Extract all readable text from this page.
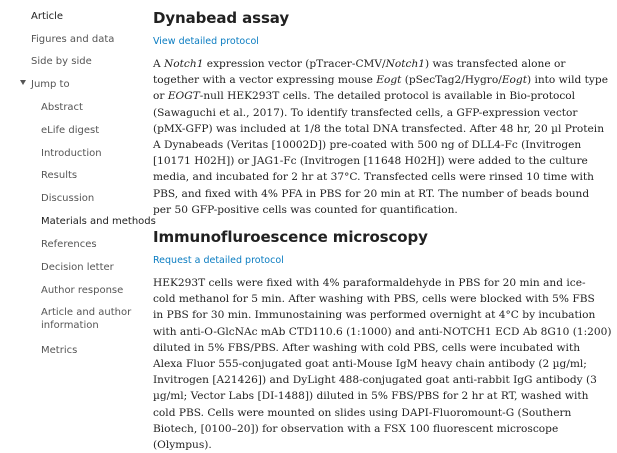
Article
Figures and data
Side by side
Jump to
Abstract
eLife digest
Introduction
Results
Discussion
Materials and methods
References
Decision letter
Author response
Article and author information
Metrics
Dynabead assay
View detailed protocol
A Notch1 expression vector (pTracer-CMV/Notch1) was transfected alone or
together with a vector expressing mouse Eogt (pSecTag2/Hygro/Eogt) into wild type
or EOGT-null HEK293T cells. The detailed protocol is available in Bio-protocol
(Sawaguchi et al., 2017). To identify transfected cells, a GFP-expression vector
(pMX-GFP) was included at 1/8 the total DNA transfected. After 48 hr, 20 µl Protein
A Dynabeads (Veritas [10002D]) pre-coated with 500 ng of DLL4-Fc (Invitrogen
[10171 H02H]) or JAG1-Fc (Invitrogen [11648 H02H]) were added to the culture
media, and incubated for 2 hr at 37°C. Transfected cells were rinsed 10 time with
PBS, and fixed with 4% PFA in PBS for 20 min at RT. The number of beads bound
per 50 GFP-positive cells was counted for quantification.
Immunofluroescence microscopy
Request a detailed protocol
HEK293T cells were fixed with 4% paraformaldehyde in PBS for 20 min and ice-
cold methanol for 5 min. After washing with PBS, cells were blocked with 5% FBS
in PBS for 30 min. Immunostaining was performed overnight at 4°C by incubation
with anti-O-GlcNAc mAb CTD110.6 (1:1000) and anti-NOTCH1 ECD Ab 8G10 (1:200)
diluted in 5% FBS/PBS. After washing with cold PBS, cells were incubated with
Alexa Fluor 555-conjugated goat anti-Mouse IgM heavy chain antibody (2 µg/ml;
Invitrogen [A21426]) and DyLight 488-conjugated goat anti-rabbit IgG antibody (3
µg/ml; Vector Labs [DI-1488]) diluted in 5% FBS/PBS for 2 hr at RT, washed with
cold PBS. Cells were mounted on slides using DAPI-Fluoromount-G (Southern
Biotech, [0100–20]) for observation with a FSX 100 fluorescent microscope
(Olympus).
